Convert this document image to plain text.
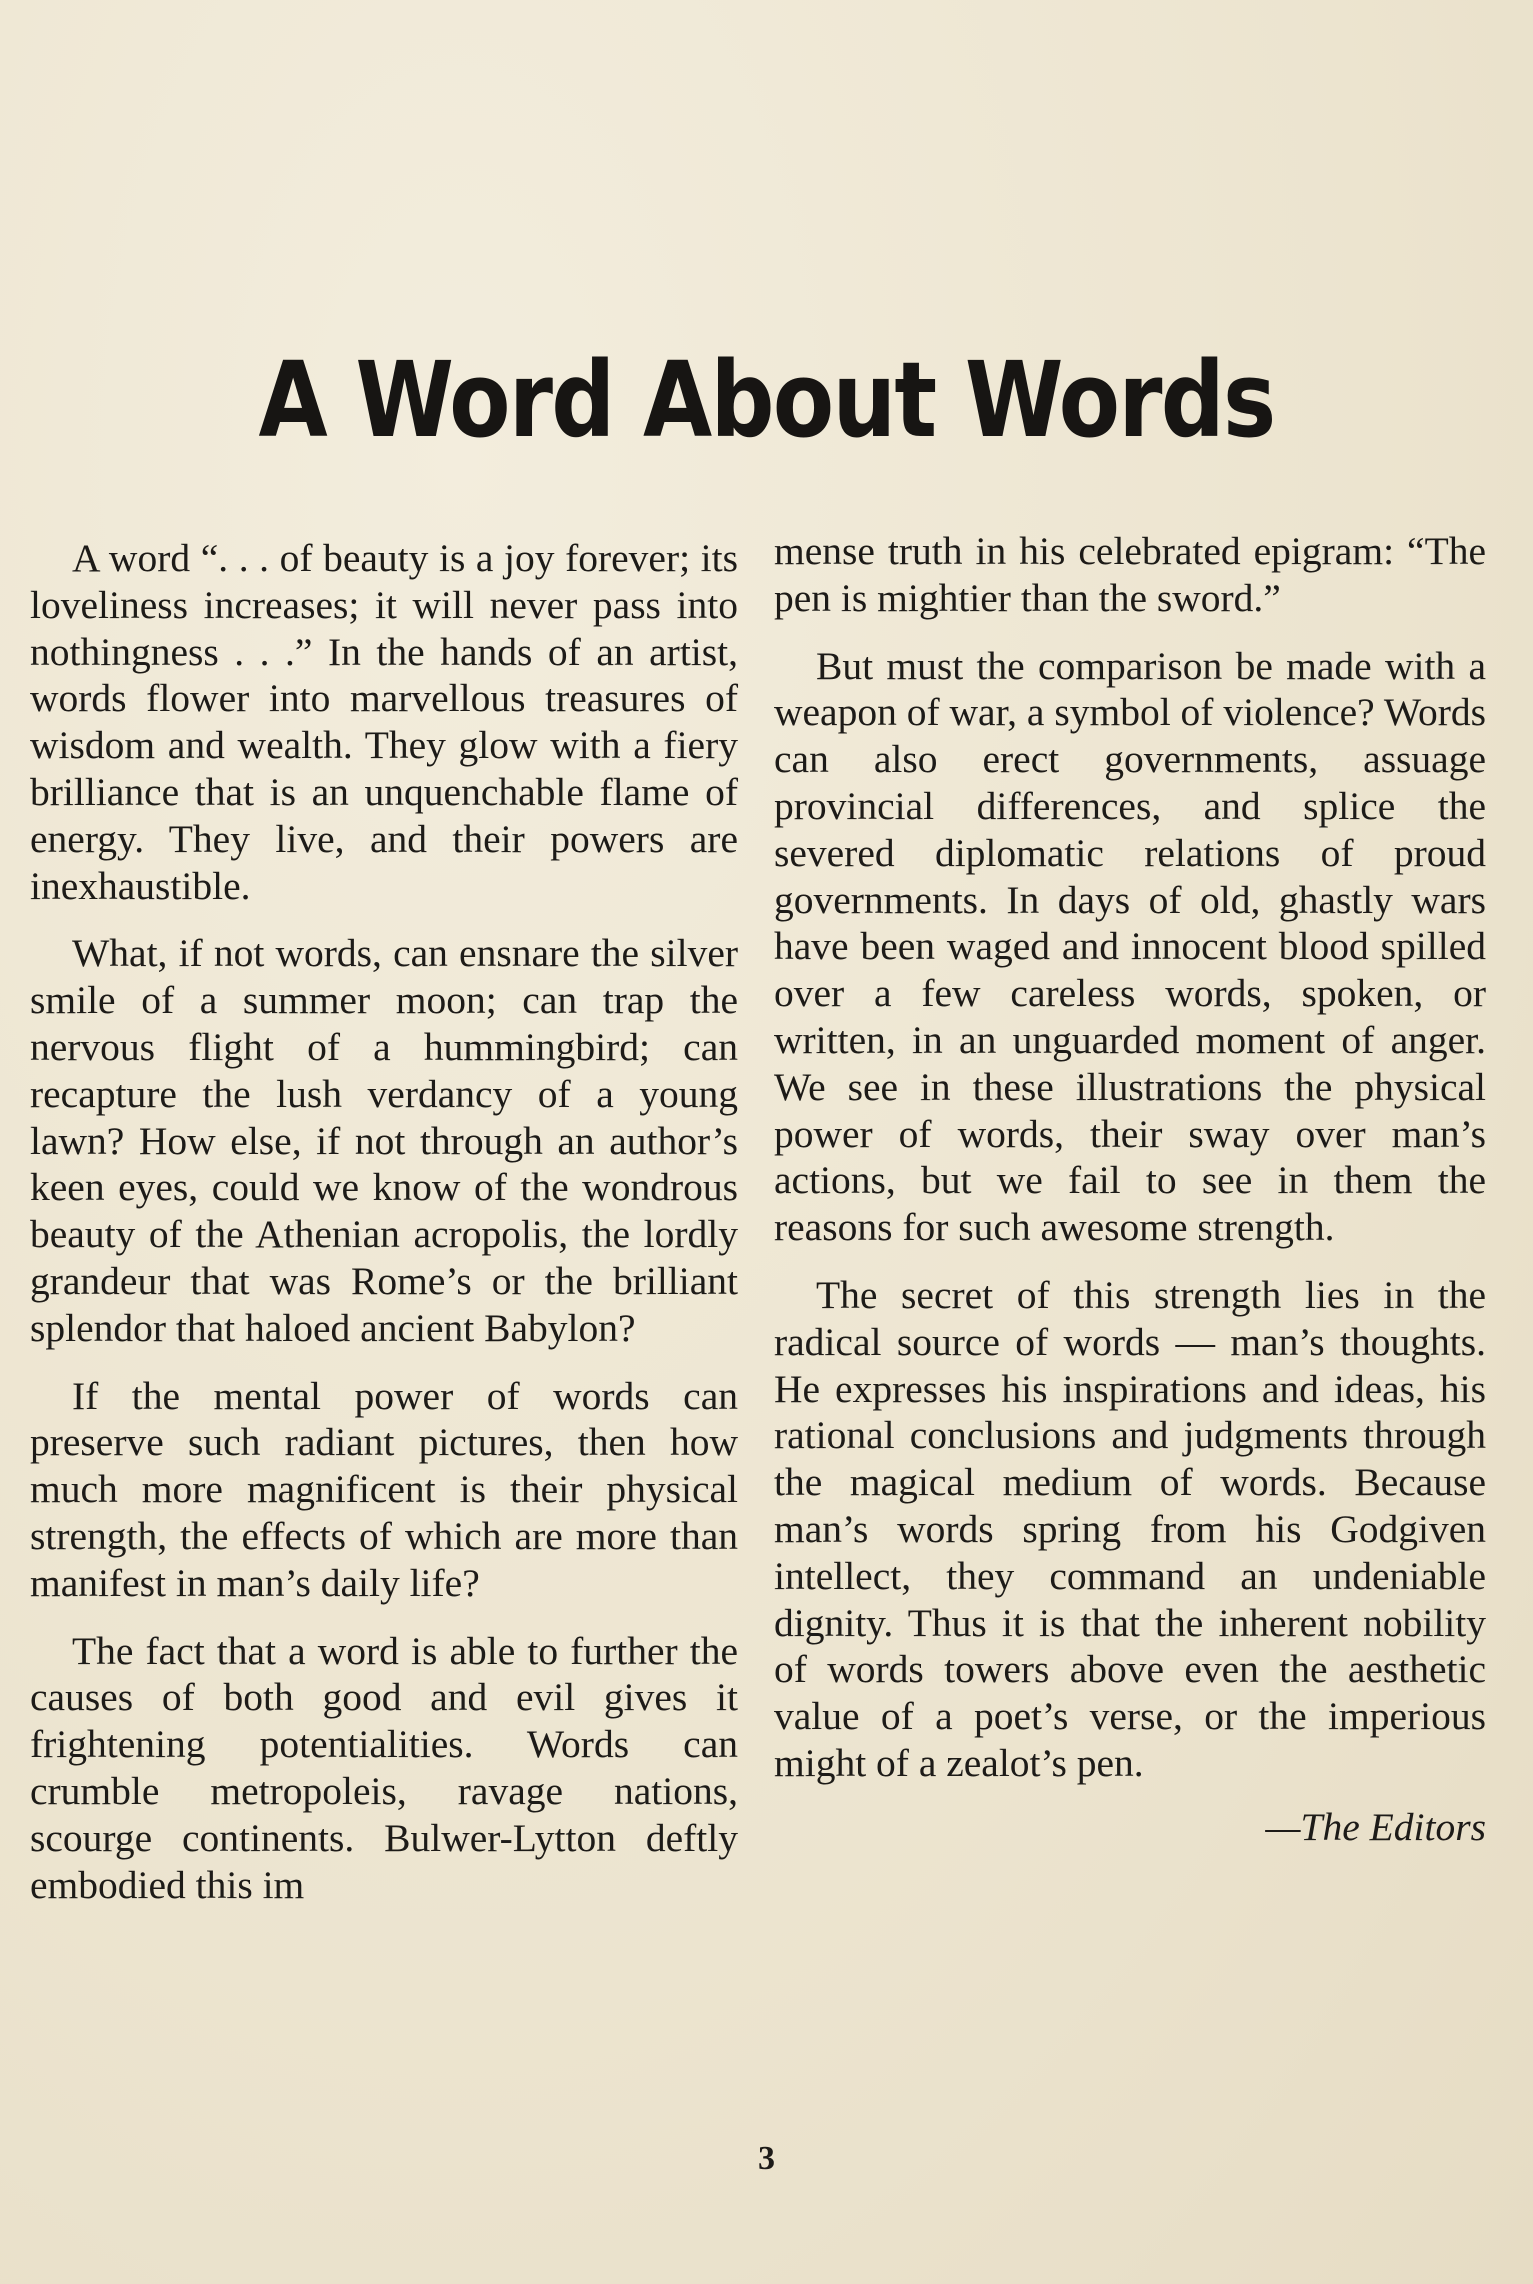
A Word About Words

A word “. . . of beauty is a joy forever; its loveliness increases; it will never pass into nothingness . . .” In the hands of an artist, words flower into marvellous treasures of wisdom and wealth. They glow with a fiery brilliance that is an unquenchable flame of energy. They live, and their powers are inexhaustible.

What, if not words, can ensnare the silver smile of a summer moon; can trap the nervous flight of a hummingbird; can recapture the lush verdancy of a young lawn? How else, if not through an author’s keen eyes, could we know of the wondrous beauty of the Athenian acropolis, the lordly grandeur that was Rome’s or the brilliant splendor that haloed ancient Babylon?

If the mental power of words can preserve such radiant pictures, then how much more magnificent is their physical strength, the effects of which are more than manifest in man’s daily life?

The fact that a word is able to further the causes of both good and evil gives it frightening potentialities. Words can crumble metropoleis, ravage nations, scourge continents. Bulwer-Lytton deftly embodied this im

mense truth in his celebrated epigram: “The pen is mightier than the sword.”

But must the comparison be made with a weapon of war, a symbol of violence? Words can also erect governments, assuage provincial differences, and splice the severed diplomatic relations of proud governments. In days of old, ghastly wars have been waged and innocent blood spilled over a few careless words, spoken, or written, in an unguarded moment of anger. We see in these illustrations the physical power of words, their sway over man’s actions, but we fail to see in them the reasons for such awesome strength.

The secret of this strength lies in the radical source of words — man’s thoughts. He expresses his inspirations and ideas, his rational conclusions and judgments through the magical medium of words. Because man’s words spring from his Godgiven intellect, they command an undeniable dignity. Thus it is that the inherent nobility of words towers above even the aesthetic value of a poet’s verse, or the imperious might of a zealot’s pen.

—The Editors
3
